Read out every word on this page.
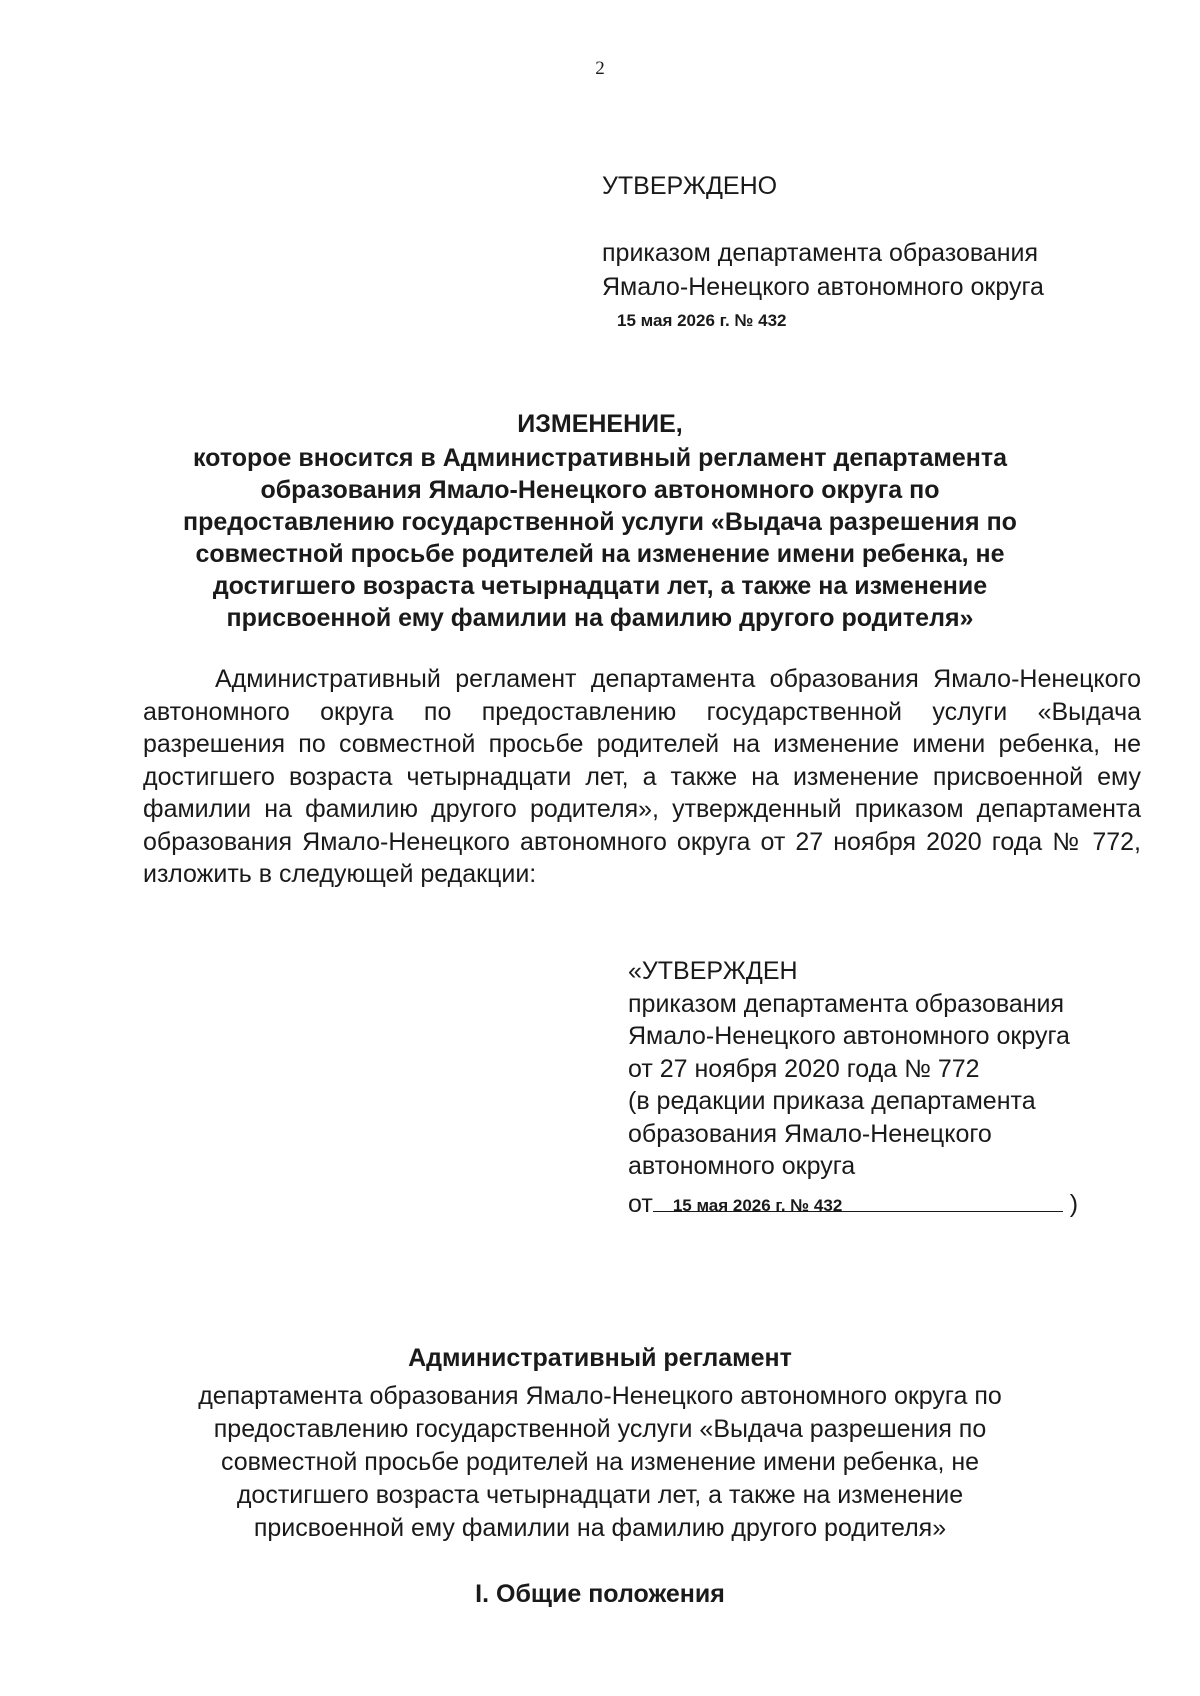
2
УТВЕРЖДЕНО
приказом департамента образования
Ямало-Ненецкого автономного округа
15 мая 2026 г. № 432
ИЗМЕНЕНИЕ,
которое вносится в Административный регламент департамента
образования Ямало-Ненецкого автономного округа по
предоставлению государственной услуги «Выдача разрешения по
совместной просьбе родителей на изменение имени ребенка, не
достигшего возраста четырнадцати лет, а также на изменение
присвоенной ему фамилии на фамилию другого родителя»
Административный регламент департамента образования Ямало-Ненецкого автономного округа по предоставлению государственной услуги «Выдача разрешения по совместной просьбе родителей на изменение имени ребенка, не достигшего возраста четырнадцати лет, а также на изменение присвоенной ему фамилии на фамилию другого родителя», утвержденный приказом департамента образования Ямало-Ненецкого автономного округа от 27 ноября 2020 года № 772, изложить в следующей редакции:
«УТВЕРЖДЕН
приказом департамента образования
Ямало-Ненецкого автономного округа
от 27 ноября 2020 года № 772
(в редакции приказа департамента
образования Ямало-Ненецкого
автономного округа
от 15 мая 2026 г. № 432	)
Административный регламент
департамента образования Ямало-Ненецкого автономного округа по
предоставлению государственной услуги «Выдача разрешения по
совместной просьбе родителей на изменение имени ребенка, не
достигшего возраста четырнадцати лет, а также на изменение
присвоенной ему фамилии на фамилию другого родителя»
I. Общие положения
